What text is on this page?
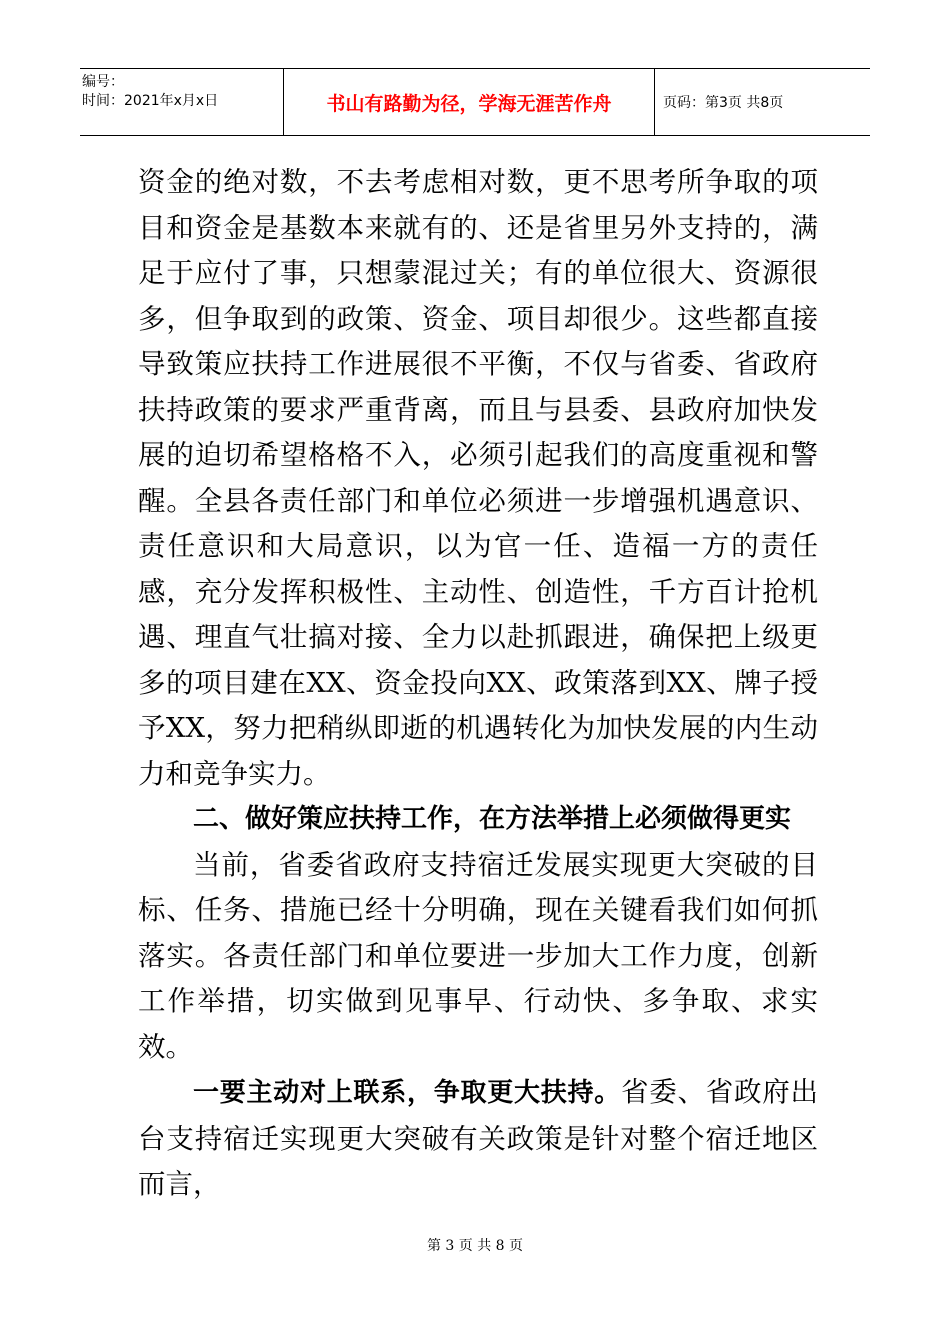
编号：
时间：2021年x月x日	书山有路勤为径，学海无涯苦作舟	页码：第3页 共8页

资金的绝对数，不去考虑相对数，更不思考所争取的项目和资金是基数本来就有的、还是省里另外支持的，满足于应付了事，只想蒙混过关；有的单位很大、资源很多，但争取到的政策、资金、项目却很少。这些都直接导致策应扶持工作进展很不平衡，不仅与省委、省政府扶持政策的要求严重背离，而且与县委、县政府加快发展的迫切希望格格不入，必须引起我们的高度重视和警醒。全县各责任部门和单位必须进一步增强机遇意识、责任意识和大局意识，以为官一任、造福一方的责任感，充分发挥积极性、主动性、创造性，千方百计抢机遇、理直气壮搞对接、全力以赴抓跟进，确保把上级更多的项目建在XX、资金投向XX、政策落到XX、牌子授予XX，努力把稍纵即逝的机遇转化为加快发展的内生动力和竞争实力。

二、做好策应扶持工作，在方法举措上必须做得更实

当前，省委省政府支持宿迁发展实现更大突破的目标、任务、措施已经十分明确，现在关键看我们如何抓落实。各责任部门和单位要进一步加大工作力度，创新工作举措，切实做到见事早、行动快、多争取、求实效。

一要主动对上联系，争取更大扶持。省委、省政府出台支持宿迁实现更大突破有关政策是针对整个宿迁地区而言，

第 3 页 共 8 页
